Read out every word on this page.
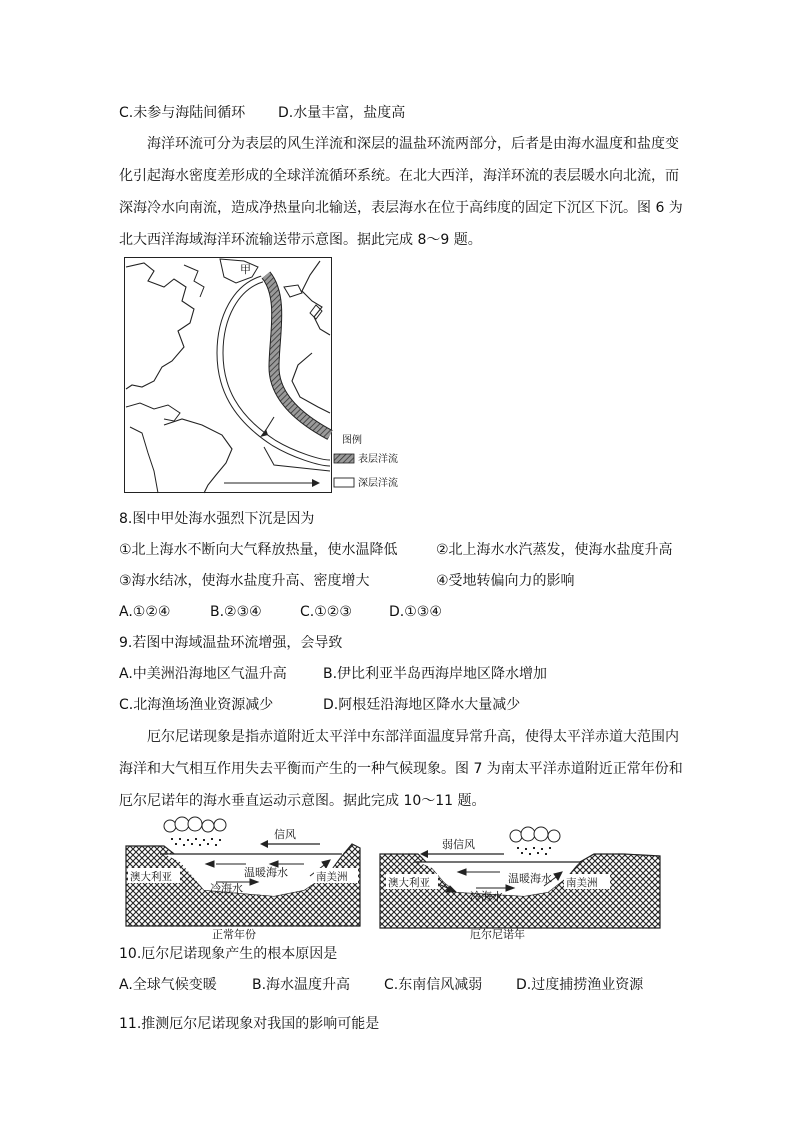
C.未参与海陆间循环 D.水量丰富，盐度高
海洋环流可分为表层的风生洋流和深层的温盐环流两部分，后者是由海水温度和盐度变
化引起海水密度差形成的全球洋流循环系统。在北大西洋，海洋环流的表层暖水向北流，而
深海冷水向南流，造成净热量向北输送，表层海水在位于高纬度的固定下沉区下沉。图 6 为
北大西洋海域海洋环流输送带示意图。据此完成 8～9 题。
甲
图例
表层洋流
深层洋流
8.图中甲处海水强烈下沉是因为
①北上海水不断向大气释放热量，使水温降低	②北上海水水汽蒸发，使海水盐度升高
③海水结冰，使海水盐度升高、密度增大	④受地转偏向力的影响
A.①②④	B.②③④	C.①②③	D.①③④
9.若图中海域温盐环流增强，会导致
A.中美洲沿海地区气温升高	B.伊比利亚半岛西海岸地区降水增加
C.北海渔场渔业资源减少	D.阿根廷沿海地区降水大量减少
厄尔尼诺现象是指赤道附近太平洋中东部洋面温度异常升高，使得太平洋赤道大范围内
海洋和大气相互作用失去平衡而产生的一种气候现象。图 7 为南太平洋赤道附近正常年份和
厄尔尼诺年的海水垂直运动示意图。据此完成 10～11 题。
信风
澳大利亚	南美洲
温暖海水
冷海水
正常年份
弱信风
澳大利亚	南美洲
温暖海水
冷海水
厄尔尼诺年
10.厄尔尼诺现象产生的根本原因是
A.全球气候变暖	B.海水温度升高 C.东南信风减弱 D.过度捕捞渔业资源
11.推测厄尔尼诺现象对我国的影响可能是
